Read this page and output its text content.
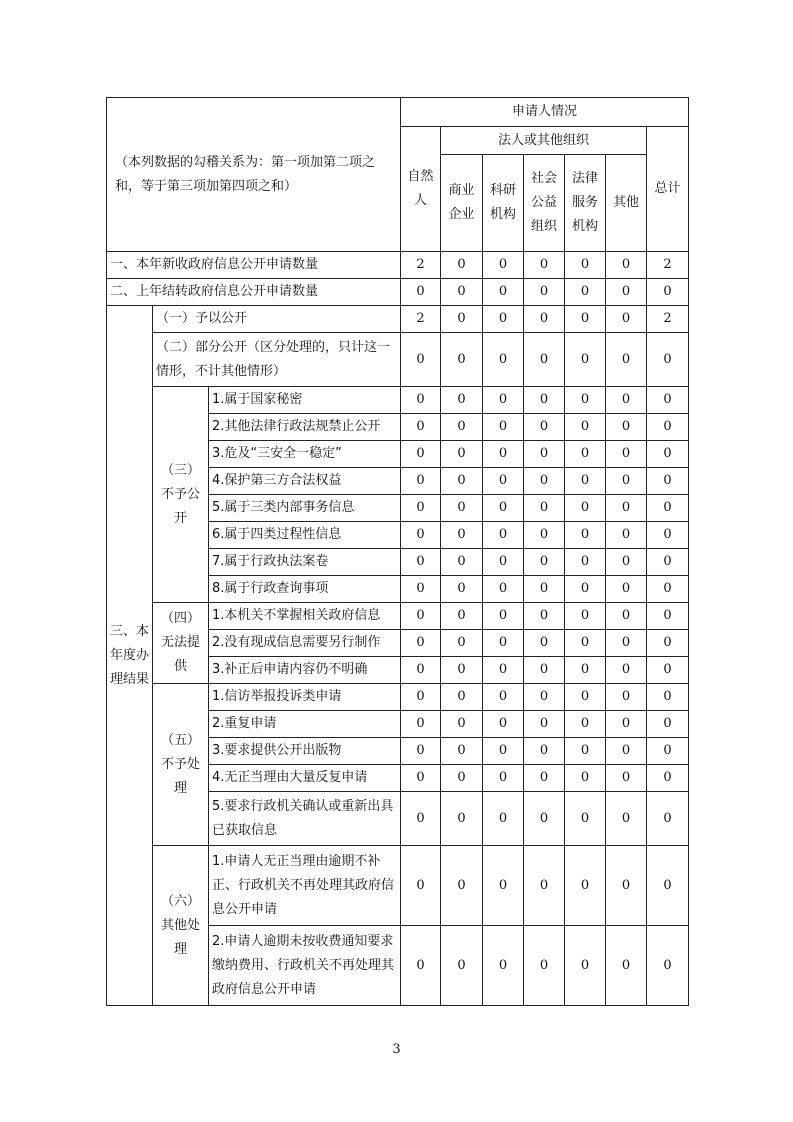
（本列数据的勾稽关系为：第一项加第二项之和，等于第三项加第四项之和）			申请人情况						
			自然人	法人或其他组织					总计
				商业企业	科研机构	社会公益组织	法律服务机构	其他	
一、本年新收政府信息公开申请数量			2	0	0	0	0	0	2
二、上年结转政府信息公开申请数量			0	0	0	0	0	0	0
三、本年度办理结果	（一）予以公开		2	0	0	0	0	0	2
	（二）部分公开（区分处理的，只计这一情形，不计其他情形）		0	0	0	0	0	0	0
	（三）不予公开	1.属于国家秘密	0	0	0	0	0	0	0
		2.其他法律行政法规禁止公开	0	0	0	0	0	0	0
		3.危及“三安全一稳定”	0	0	0	0	0	0	0
		4.保护第三方合法权益	0	0	0	0	0	0	0
		5.属于三类内部事务信息	0	0	0	0	0	0	0
		6.属于四类过程性信息	0	0	0	0	0	0	0
		7.属于行政执法案卷	0	0	0	0	0	0	0
		8.属于行政查询事项	0	0	0	0	0	0	0
	（四）无法提供	1.本机关不掌握相关政府信息	0	0	0	0	0	0	0
		2.没有现成信息需要另行制作	0	0	0	0	0	0	0
		3.补正后申请内容仍不明确	0	0	0	0	0	0	0
	（五）不予处理	1.信访举报投诉类申请	0	0	0	0	0	0	0
		2.重复申请	0	0	0	0	0	0	0
		3.要求提供公开出版物	0	0	0	0	0	0	0
		4.无正当理由大量反复申请	0	0	0	0	0	0	0
		5.要求行政机关确认或重新出具已获取信息	0	0	0	0	0	0	0
	（六）其他处理	1.申请人无正当理由逾期不补正、行政机关不再处理其政府信息公开申请	0	0	0	0	0	0	0
		2.申请人逾期未按收费通知要求缴纳费用、行政机关不再处理其政府信息公开申请	0	0	0	0	0	0	0
3
